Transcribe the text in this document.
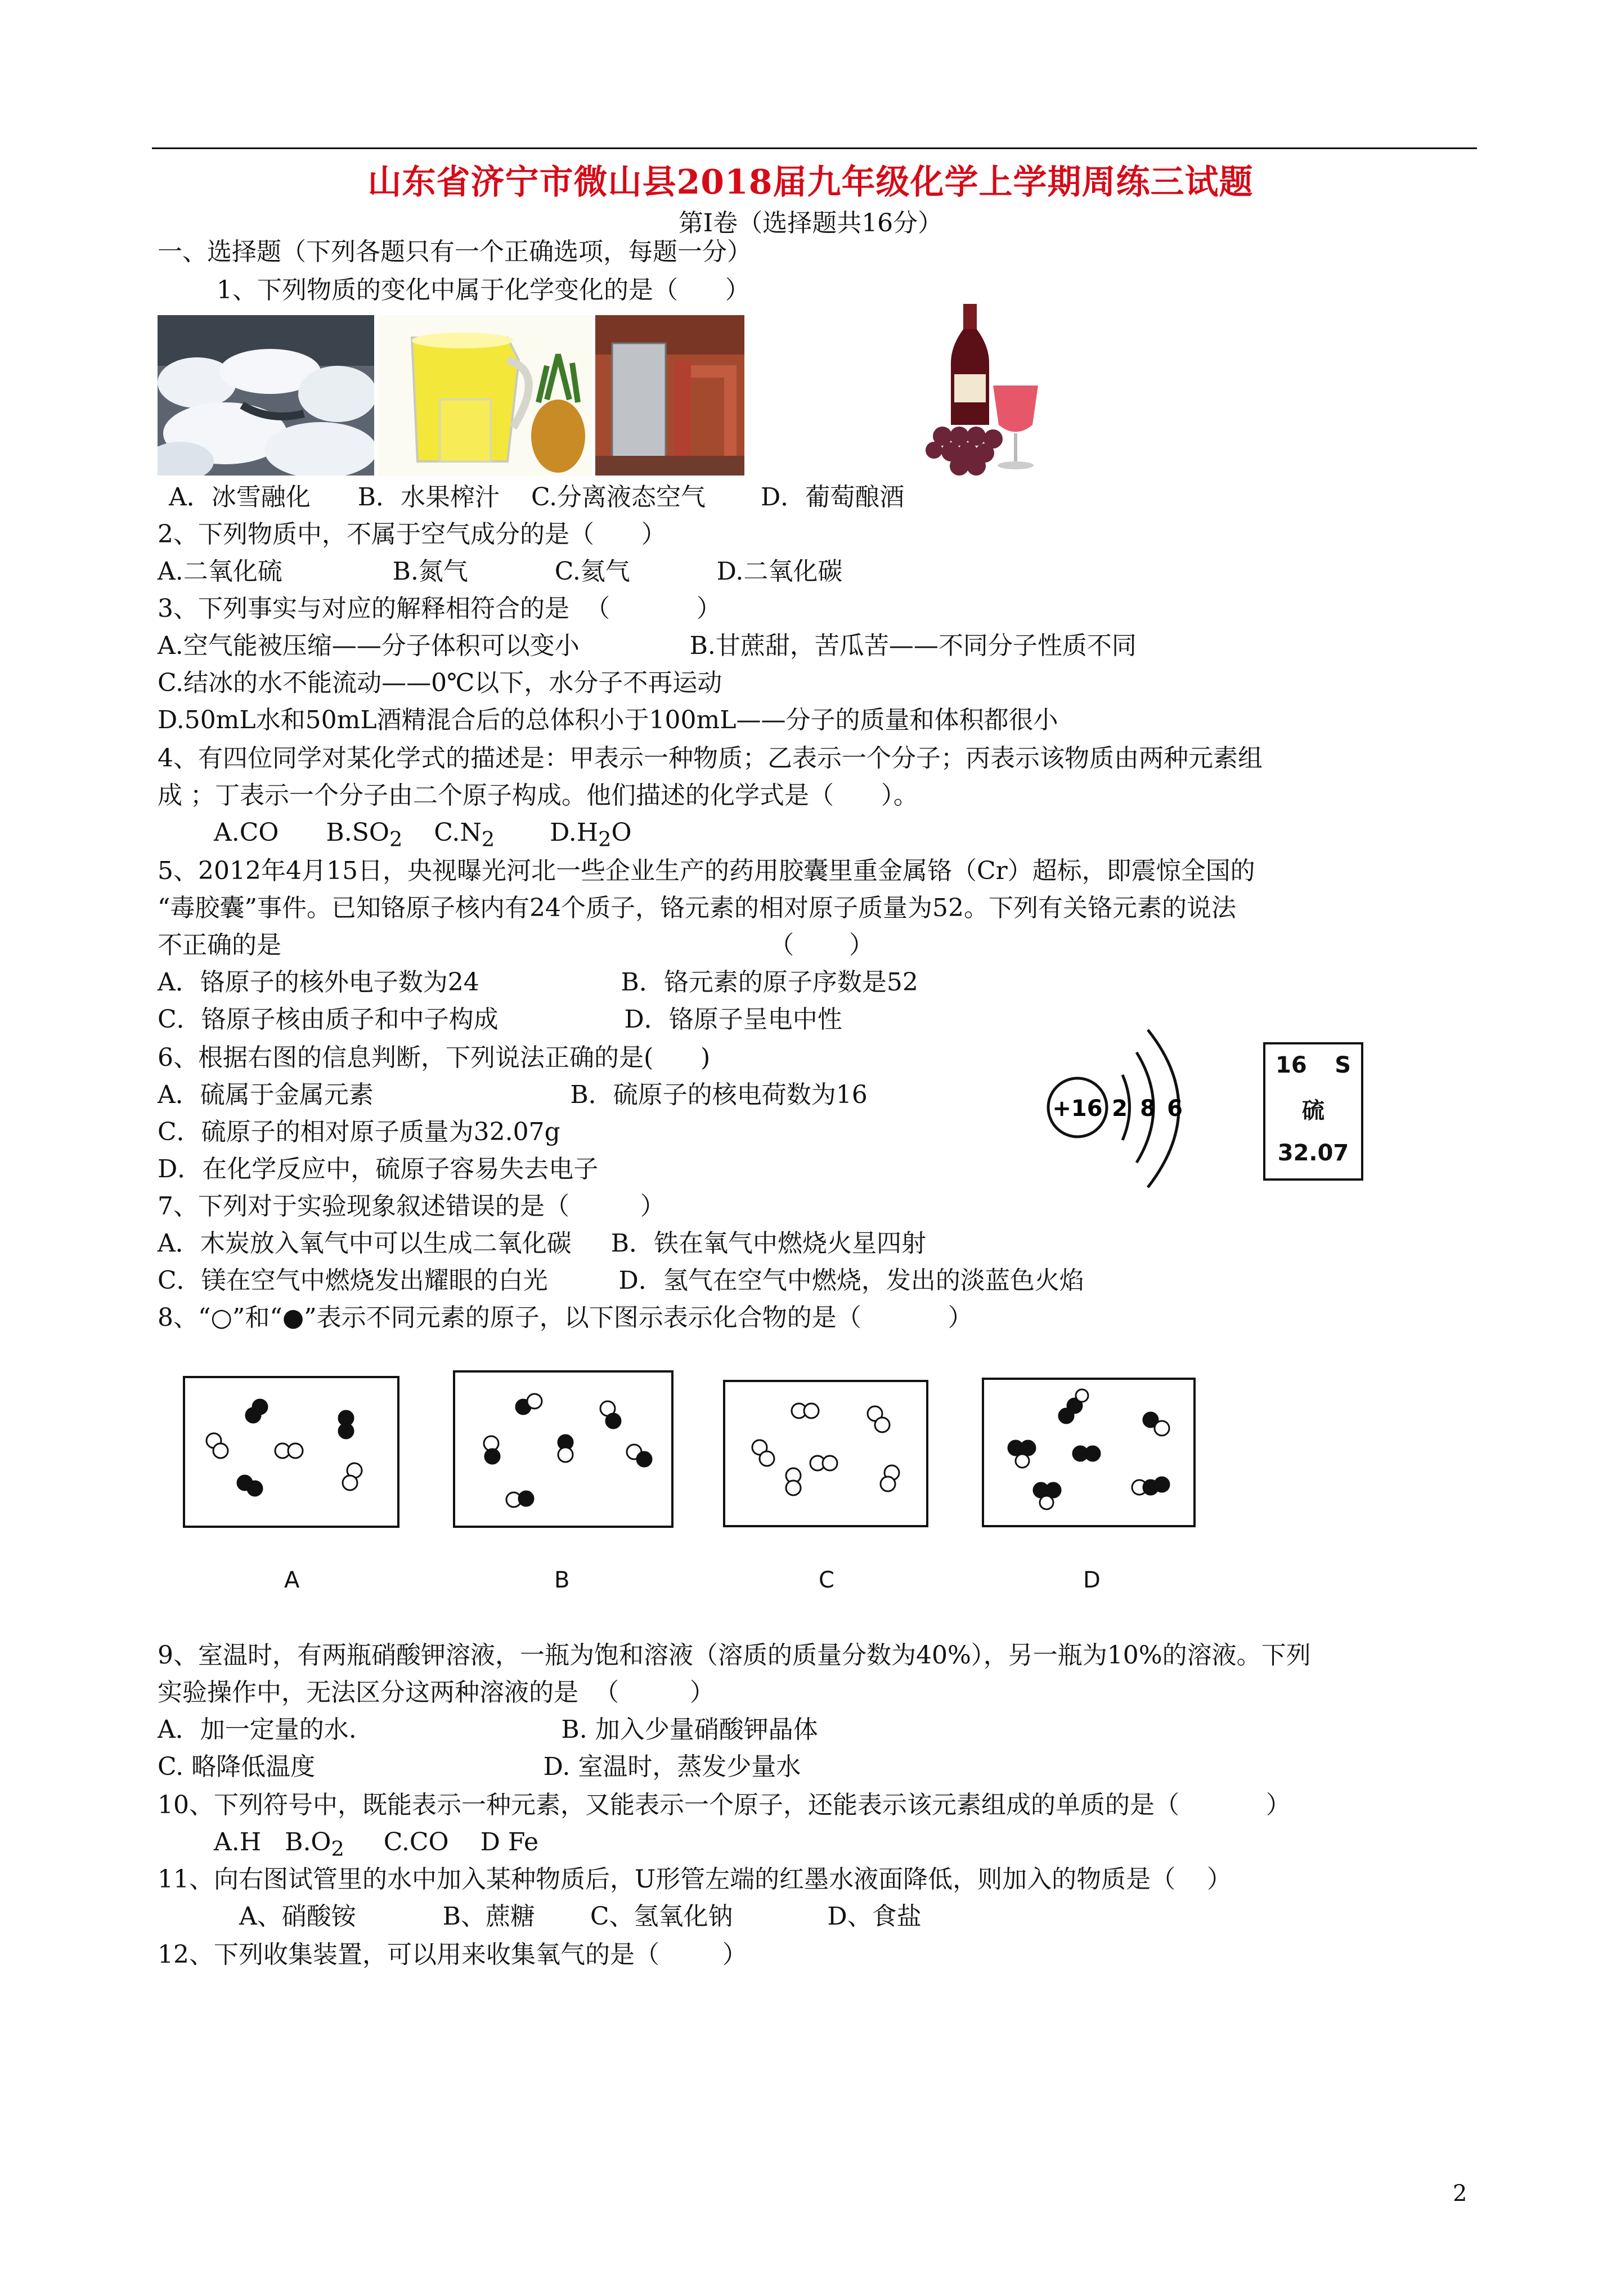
山东省济宁市微山县2018届九年级化学上学期周练三试题
第Ⅰ卷（选择题共16分）
一、选择题（下列各题只有一个正确选项，每题一分）
1、下列物质的变化中属于化学变化的是（      ）
A．冰雪融化      B．水果榨汁    C.分离液态空气       D．葡萄酿酒
2、下列物质中，不属于空气成分的是（      ）
A.二氧化硫              B.氮气           C.氦气           D.二氧化碳
3、下列事实与对应的解释相符合的是  （           ）
A.空气能被压缩——分子体积可以变小              B.甘蔗甜，苦瓜苦——不同分子性质不同
C.结冰的水不能流动——0℃以下，水分子不再运动
D.50mL水和50mL酒精混合后的总体积小于100mL——分子的质量和体积都很小
4、有四位同学对某化学式的描述是：甲表示一种物质；乙表示一个分子；丙表示该物质由两种元素组
成 ；丁表示一个分子由二个原子构成。他们描述的化学式是（      ）。
A.CO $B.SO_2$ $C.N_2$ $D.H_2O$
5、2012年4月15日，央视曝光河北一些企业生产的药用胶囊里重金属铬（Cr）超标，即震惊全国的
“毒胶囊”事件。已知铬原子核内有24个质子，铬元素的相对原子质量为52。下列有关铬元素的说法
不正确的是                                                              （       ）
A．铬原子的核外电子数为24                  B．铬元素的原子序数是52
C．铬原子核由质子和中子构成                D．铬原子呈电中性
6、根据右图的信息判断，下列说法正确的是(      )
A．硫属于金属元素                         B．硫原子的核电荷数为16
C．硫原子的相对原子质量为32.07g
D．在化学反应中，硫原子容易失去电子
+16 2 8 6
16 S
硫
32.07
7、下列对于实验现象叙述错误的是（         ）
A．木炭放入氧气中可以生成二氧化碳     B．铁在氧气中燃烧火星四射
C．镁在空气中燃烧发出耀眼的白光         D．氢气在空气中燃烧，发出的淡蓝色火焰
8、“○”和“●”表示不同元素的原子，以下图示表示化合物的是（           ）
A	B	C	D
9、室温时，有两瓶硝酸钾溶液，一瓶为饱和溶液（溶质的质量分数为40%），另一瓶为10%的溶液。下列
实验操作中，无法区分这两种溶液的是  （         ）
A．加一定量的水.                          B. 加入少量硝酸钾晶体
C. 略降低温度                             D. 室温时，蒸发少量水
10、下列符号中，既能表示一种元素，又能表示一个原子，还能表示该元素组成的单质的是（           ）
A.H $B.O_2$ C.CO D Fe
11、向右图试管里的水中加入某种物质后，U形管左端的红墨水液面降低，则加入的物质是（    ）
A、硝酸铵           B、蔗糖       C、氢氧化钠            D、食盐
12、下列收集装置，可以用来收集氧气的是（        ）
2
